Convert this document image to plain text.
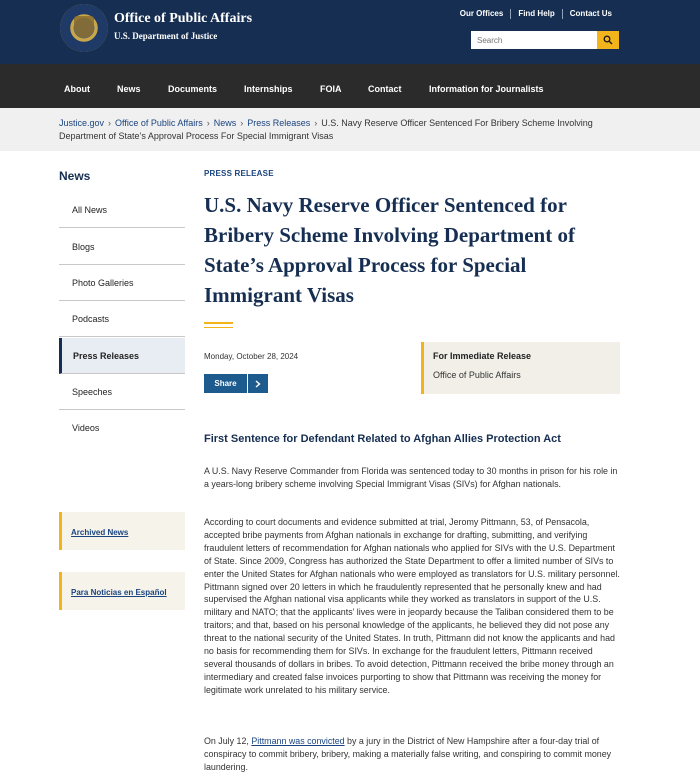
Office of Public Affairs
U.S. Department of Justice
Our Offices	Find Help	Contact Us
Search
About	News	Documents	Internships	FOIA	Contact	Information for Journalists
Justice.gov › Office of Public Affairs › News › Press Releases › U.S. Navy Reserve Officer Sentenced For Bribery Scheme Involving Department of State’s Approval Process For Special Immigrant Visas
News
All News
Blogs
Photo Galleries
Podcasts
Press Releases
Speeches
Videos
Archived News
Para Noticias en Español
PRESS RELEASE
U.S. Navy Reserve Officer Sentenced for Bribery Scheme Involving Department of State’s Approval Process for Special Immigrant Visas
Monday, October 28, 2024
Share
For Immediate Release
Office of Public Affairs
First Sentence for Defendant Related to Afghan Allies Protection Act

A U.S. Navy Reserve Commander from Florida was sentenced today to 30 months in prison for his role in a years-long bribery scheme involving Special Immigrant Visas (SIVs) for Afghan nationals.

According to court documents and evidence submitted at trial, Jeromy Pittmann, 53, of Pensacola, accepted bribe payments from Afghan nationals in exchange for drafting, submitting, and verifying fraudulent letters of recommendation for Afghan nationals who applied for SIVs with the U.S. Department of State. Since 2009, Congress has authorized the State Department to offer a limited number of SIVs to enter the United States for Afghan nationals who were employed as translators for U.S. military personnel. Pittmann signed over 20 letters in which he fraudulently represented that he personally knew and had supervised the Afghan national visa applicants while they worked as translators in support of the U.S. military and NATO; that the applicants’ lives were in jeopardy because the Taliban considered them to be traitors; and that, based on his personal knowledge of the applicants, he believed they did not pose any threat to the national security of the United States. In truth, Pittmann did not know the applicants and had no basis for recommending them for SIVs. In exchange for the fraudulent letters, Pittmann received several thousands of dollars in bribes. To avoid detection, Pittmann received the bribe money through an intermediary and created false invoices purporting to show that Pittmann was receiving the money for legitimate work unrelated to his military service.

On July 12, Pittmann was convicted by a jury in the District of New Hampshire after a four-day trial of conspiracy to commit bribery, bribery, making a materially false writing, and conspiring to commit money laundering.
